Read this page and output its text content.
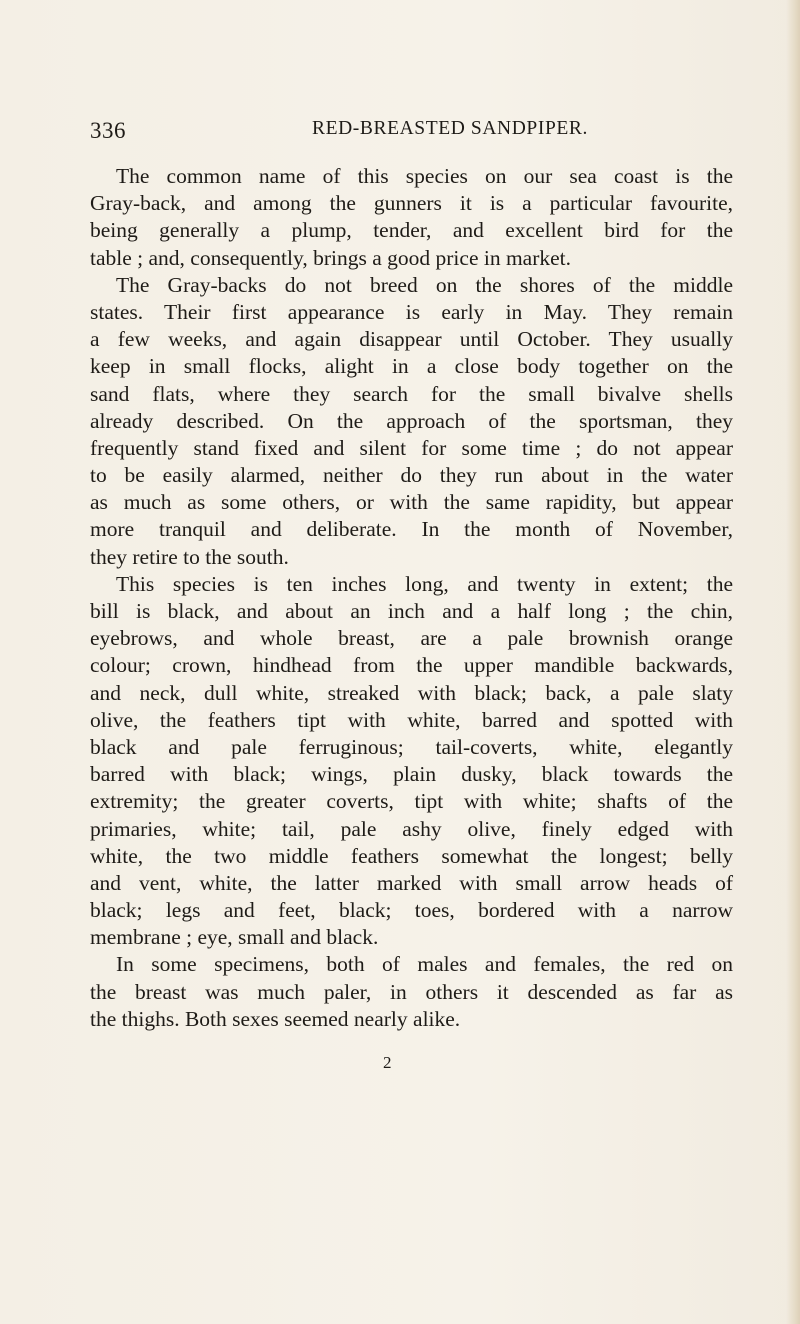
336	RED-BREASTED SANDPIPER.
The common name of this species on our sea coast is the
Gray-back, and among the gunners it is a particular favourite,
being generally a plump, tender, and excellent bird for the
table ; and, consequently, brings a good price in market.
The Gray-backs do not breed on the shores of the middle
states. Their first appearance is early in May. They remain
a few weeks, and again disappear until October. They usually
keep in small flocks, alight in a close body together on the
sand flats, where they search for the small bivalve shells
already described. On the approach of the sportsman, they
frequently stand fixed and silent for some time ; do not appear
to be easily alarmed, neither do they run about in the water
as much as some others, or with the same rapidity, but appear
more tranquil and deliberate. In the month of November,
they retire to the south.
This species is ten inches long, and twenty in extent; the
bill is black, and about an inch and a half long ; the chin,
eyebrows, and whole breast, are a pale brownish orange
colour; crown, hindhead from the upper mandible backwards,
and neck, dull white, streaked with black; back, a pale slaty
olive, the feathers tipt with white, barred and spotted with
black and pale ferruginous; tail-coverts, white, elegantly
barred with black; wings, plain dusky, black towards the
extremity; the greater coverts, tipt with white; shafts of the
primaries, white; tail, pale ashy olive, finely edged with
white, the two middle feathers somewhat the longest; belly
and vent, white, the latter marked with small arrow heads of
black; legs and feet, black; toes, bordered with a narrow
membrane ; eye, small and black.
In some specimens, both of males and females, the red on
the breast was much paler, in others it descended as far as
the thighs. Both sexes seemed nearly alike.
2
